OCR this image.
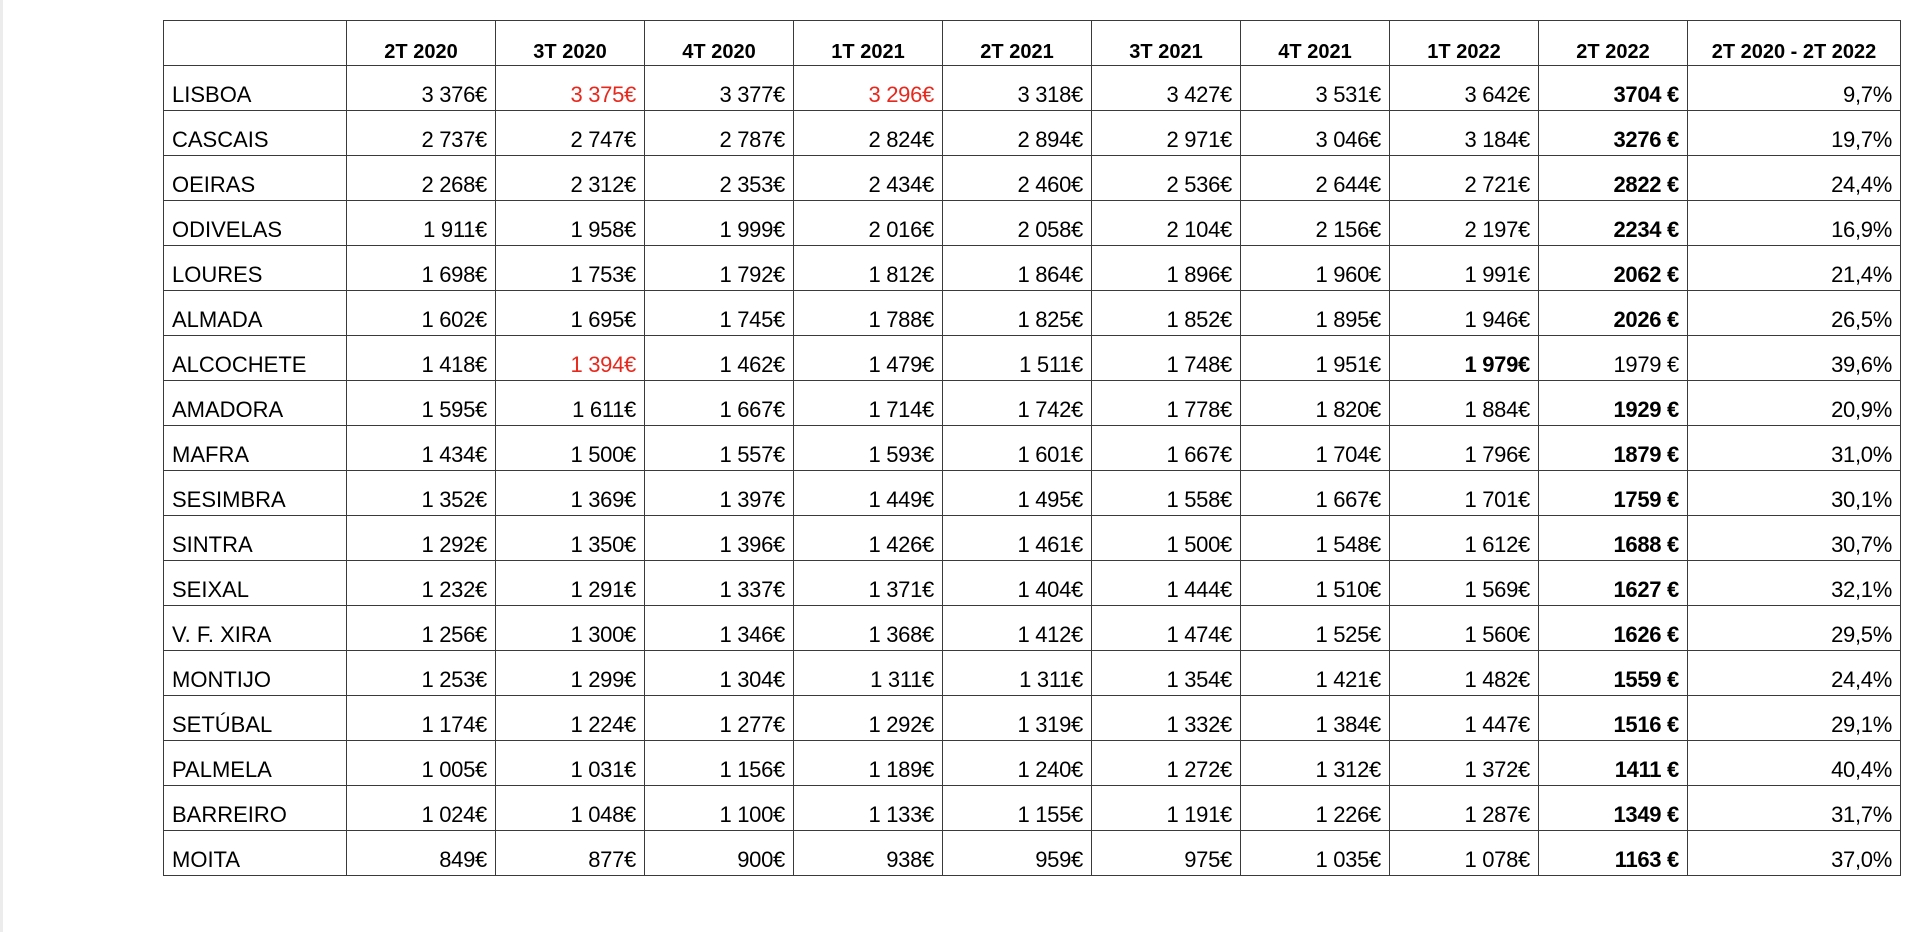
	2T 2020	3T 2020	4T 2020	1T 2021	2T 2021	3T 2021	4T 2021	1T 2022	2T 2022	2T 2020 - 2T 2022
LISBOA	3 376€	3 375€	3 377€	3 296€	3 318€	3 427€	3 531€	3 642€	3704 €	9,7%
CASCAIS	2 737€	2 747€	2 787€	2 824€	2 894€	2 971€	3 046€	3 184€	3276 €	19,7%
OEIRAS	2 268€	2 312€	2 353€	2 434€	2 460€	2 536€	2 644€	2 721€	2822 €	24,4%
ODIVELAS	1 911€	1 958€	1 999€	2 016€	2 058€	2 104€	2 156€	2 197€	2234 €	16,9%
LOURES	1 698€	1 753€	1 792€	1 812€	1 864€	1 896€	1 960€	1 991€	2062 €	21,4%
ALMADA	1 602€	1 695€	1 745€	1 788€	1 825€	1 852€	1 895€	1 946€	2026 €	26,5%
ALCOCHETE	1 418€	1 394€	1 462€	1 479€	1 511€	1 748€	1 951€	1 979€	1979 €	39,6%
AMADORA	1 595€	1 611€	1 667€	1 714€	1 742€	1 778€	1 820€	1 884€	1929 €	20,9%
MAFRA	1 434€	1 500€	1 557€	1 593€	1 601€	1 667€	1 704€	1 796€	1879 €	31,0%
SESIMBRA	1 352€	1 369€	1 397€	1 449€	1 495€	1 558€	1 667€	1 701€	1759 €	30,1%
SINTRA	1 292€	1 350€	1 396€	1 426€	1 461€	1 500€	1 548€	1 612€	1688 €	30,7%
SEIXAL	1 232€	1 291€	1 337€	1 371€	1 404€	1 444€	1 510€	1 569€	1627 €	32,1%
V. F. XIRA	1 256€	1 300€	1 346€	1 368€	1 412€	1 474€	1 525€	1 560€	1626 €	29,5%
MONTIJO	1 253€	1 299€	1 304€	1 311€	1 311€	1 354€	1 421€	1 482€	1559 €	24,4%
SETÚBAL	1 174€	1 224€	1 277€	1 292€	1 319€	1 332€	1 384€	1 447€	1516 €	29,1%
PALMELA	1 005€	1 031€	1 156€	1 189€	1 240€	1 272€	1 312€	1 372€	1411 €	40,4%
BARREIRO	1 024€	1 048€	1 100€	1 133€	1 155€	1 191€	1 226€	1 287€	1349 €	31,7%
MOITA	849€	877€	900€	938€	959€	975€	1 035€	1 078€	1163 €	37,0%
